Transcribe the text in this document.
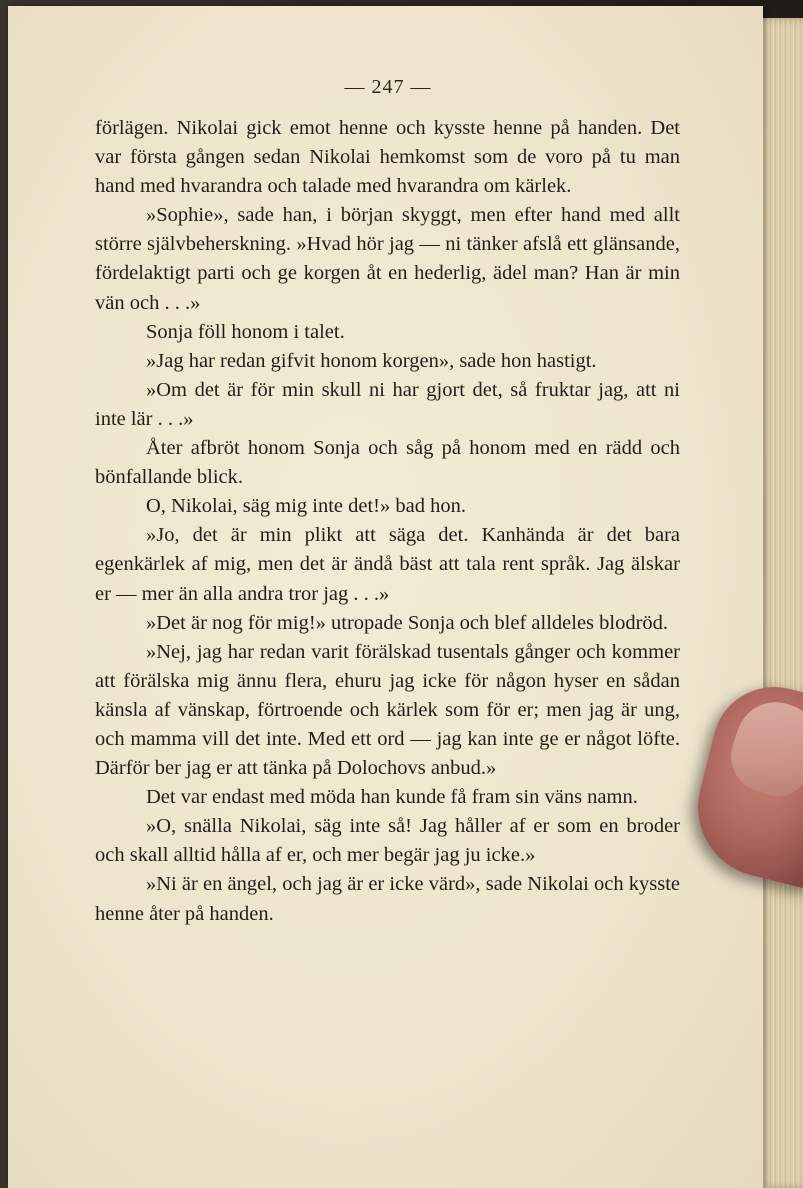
— 247 —

förlägen. Nikolai gick emot henne och kysste henne på handen. Det var första gången sedan Nikolai hemkomst som de voro på tu man hand med hvarandra och talade med hvarandra om kärlek.

»Sophie», sade han, i början skyggt, men efter hand med allt större självbeherskning. »Hvad hör jag — ni tänker afslå ett glänsande, fördelaktigt parti och ge korgen åt en hederlig, ädel man? Han är min vän och . . .»

Sonja föll honom i talet.

»Jag har redan gifvit honom korgen», sade hon hastigt.

»Om det är för min skull ni har gjort det, så fruktar jag, att ni inte lär . . .»

Åter afbröt honom Sonja och såg på honom med en rädd och bönfallande blick.

O, Nikolai, säg mig inte det!» bad hon.

»Jo, det är min plikt att säga det. Kanhända är det bara egenkärlek af mig, men det är ändå bäst att tala rent språk. Jag älskar er — mer än alla andra tror jag . . .»

»Det är nog för mig!» utropade Sonja och blef alldeles blodröd.

»Nej, jag har redan varit förälskad tusentals gånger och kommer att förälska mig ännu flera, ehuru jag icke för någon hyser en sådan känsla af vänskap, förtroende och kärlek som för er; men jag är ung, och mamma vill det inte. Med ett ord — jag kan inte ge er något löfte. Därför ber jag er att tänka på Dolochovs anbud.»

Det var endast med möda han kunde få fram sin väns namn.

»O, snälla Nikolai, säg inte så! Jag håller af er som en broder och skall alltid hålla af er, och mer begär jag ju icke.»

»Ni är en ängel, och jag är er icke värd», sade Nikolai och kysste henne åter på handen.
